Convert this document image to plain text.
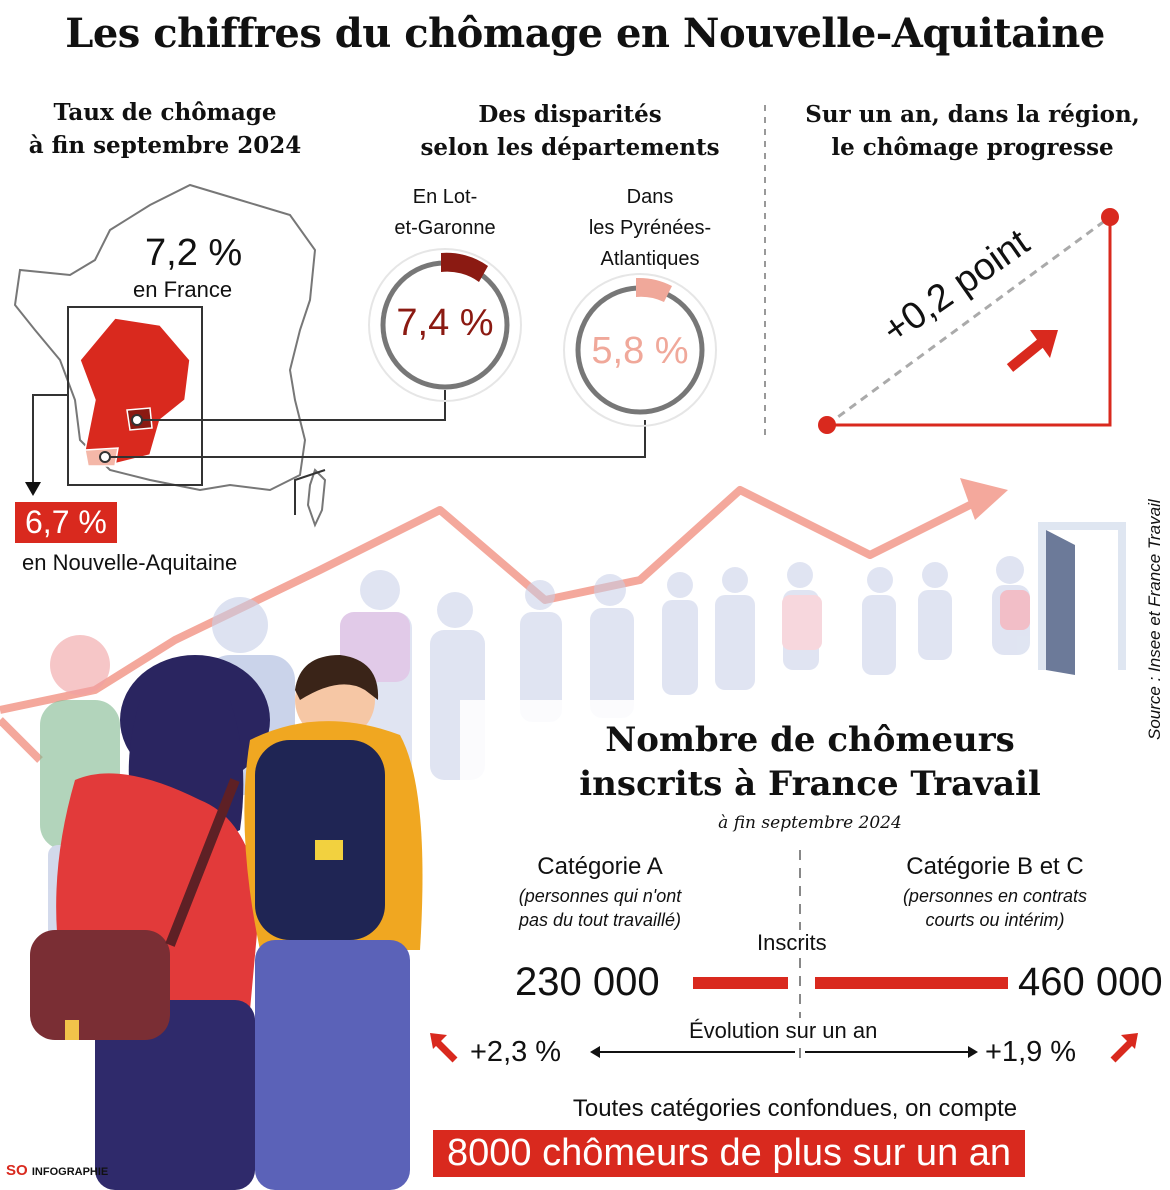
Les chiffres du chômage en Nouvelle-Aquitaine
Taux de chômage
à fin septembre 2024
7,2 %
en France
6,7 %
en Nouvelle-Aquitaine
Des disparités
selon les départements
En Lot-
et-Garonne
7,4 %
Dans
les Pyrénées-
Atlantiques
5,8 %
Sur un an, dans la région,
le chômage progresse
+0,2 point
Source : Insee et France Travail
Nombre de chômeurs
inscrits à France Travail
à fin septembre 2024
Catégorie A
(personnes qui n'ont
pas du tout travaillé)
Catégorie B et C
(personnes en contrats
courts ou intérim)
Inscrits
230 000	460 000
Évolution sur un an
+2,3 %	+1,9 %
Toutes catégories confondues, on compte
8000 chômeurs de plus sur un an
SO INFOGRAPHIE
